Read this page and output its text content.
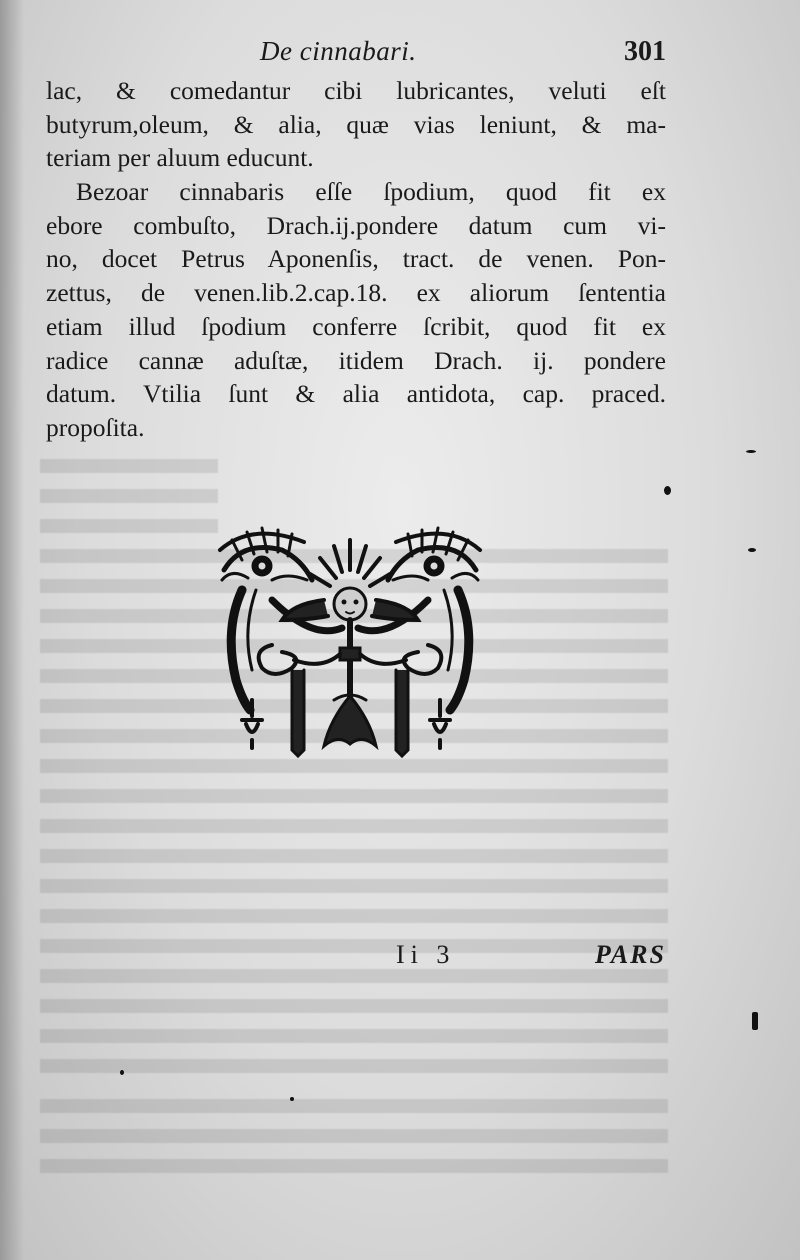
De cinnabari.	301
lac, & comedantur cibi lubricantes, veluti eſt
butyrum,oleum, & alia, quæ vias leniunt, & ma-
teriam per aluum educunt.
Bezoar cinnabaris eſſe ſpodium, quod fit ex
ebore combuſto, Drach.ij.pondere datum cum vi-
no, docet Petrus Aponenſis, tract. de venen. Pon-
zettus, de venen.lib.2.cap.18. ex aliorum ſententia
etiam illud ſpodium conferre ſcribit, quod fit ex
radice cannæ aduſtæ, itidem Drach. ij. pondere
datum. Vtilia ſunt & alia antidota, cap. praced.
propoſita.
Ii 3	PARS
